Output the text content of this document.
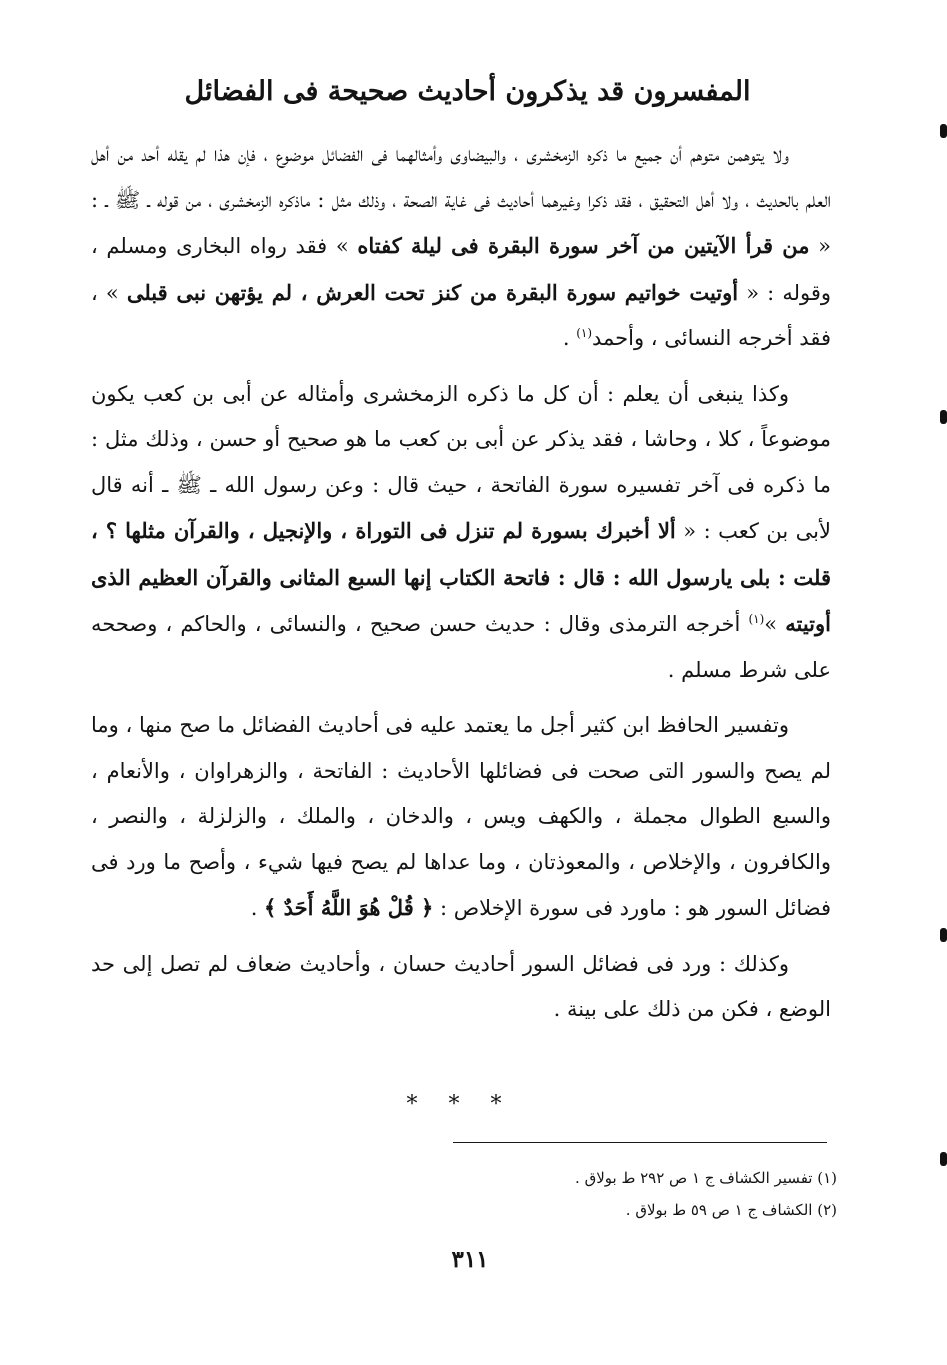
المفسرون قد يذكرون أحاديث صحيحة فى الفضائل

ولا يتوهمن متوهم أن جميع ما ذكره الزمخشرى ، والبيضاوى وأمثالهما فى الفضائل موضوع ، فإن هذا لم يقله أحد من أهل العلم بالحديث ، ولا أهل التحقيق ، فقد ذكرا وغيرهما أحاديث فى غاية الصحة ، وذلك مثل : ماذكره الزمخشرى ، من قوله ـ ﷺ ـ : « من قرأ الآيتين من آخر سورة البقرة فى ليلة كفتاه » فقد رواه البخارى ومسلم ، وقوله : « أوتيت خواتيم سورة البقرة من كنز تحت العرش ، لم يؤتهن نبى قبلى » ، فقد أخرجه النسائى ، وأحمد$^{(١)}$ .

وكذا ينبغى أن يعلم : أن كل ما ذكره الزمخشرى وأمثاله عن أبى بن كعب يكون موضوعاً ، كلا ، وحاشا ، فقد يذكر عن أبى بن كعب ما هو صحيح أو حسن ، وذلك مثل : ما ذكره فى آخر تفسيره سورة الفاتحة ، حيث قال : وعن رسول الله ـ ﷺ ـ أنه قال لأبى بن كعب : « ألا أخبرك بسورة لم تنزل فى التوراة ، والإنجيل ، والقرآن مثلها ؟ ، قلت : بلى يارسول الله : قال : فاتحة الكتاب إنها السبع المثانى والقرآن العظيم الذى أوتيته »$^{(١)}$ أخرجه الترمذى وقال : حديث حسن صحيح ، والنسائى ، والحاكم ، وصححه على شرط مسلم .

وتفسير الحافظ ابن كثير أجل ما يعتمد عليه فى أحاديث الفضائل ما صح منها ، وما لم يصح والسور التى صحت فى فضائلها الأحاديث : الفاتحة ، والزهراوان ، والأنعام ، والسبع الطوال مجملة ، والكهف ويس ، والدخان ، والملك ، والزلزلة ، والنصر ، والكافرون ، والإخلاص ، والمعوذتان ، وما عداها لم يصح فيها شيء ، وأصح ما ورد فى فضائل السور هو : ماورد فى سورة الإخلاص : ﴿ قُلْ هُوَ اللَّهُ أَحَدٌ ﴾ .

وكذلك : ورد فى فضائل السور أحاديث حسان ، وأحاديث ضعاف لم تصل إلى حد الوضع ، فكن من ذلك على بينة .

* * *
(١) تفسير الكشاف ج ١ ص ٢٩٢ ط بولاق .
(٢) الكشاف ج ١ ص ٥٩ ط بولاق .
٣١١
